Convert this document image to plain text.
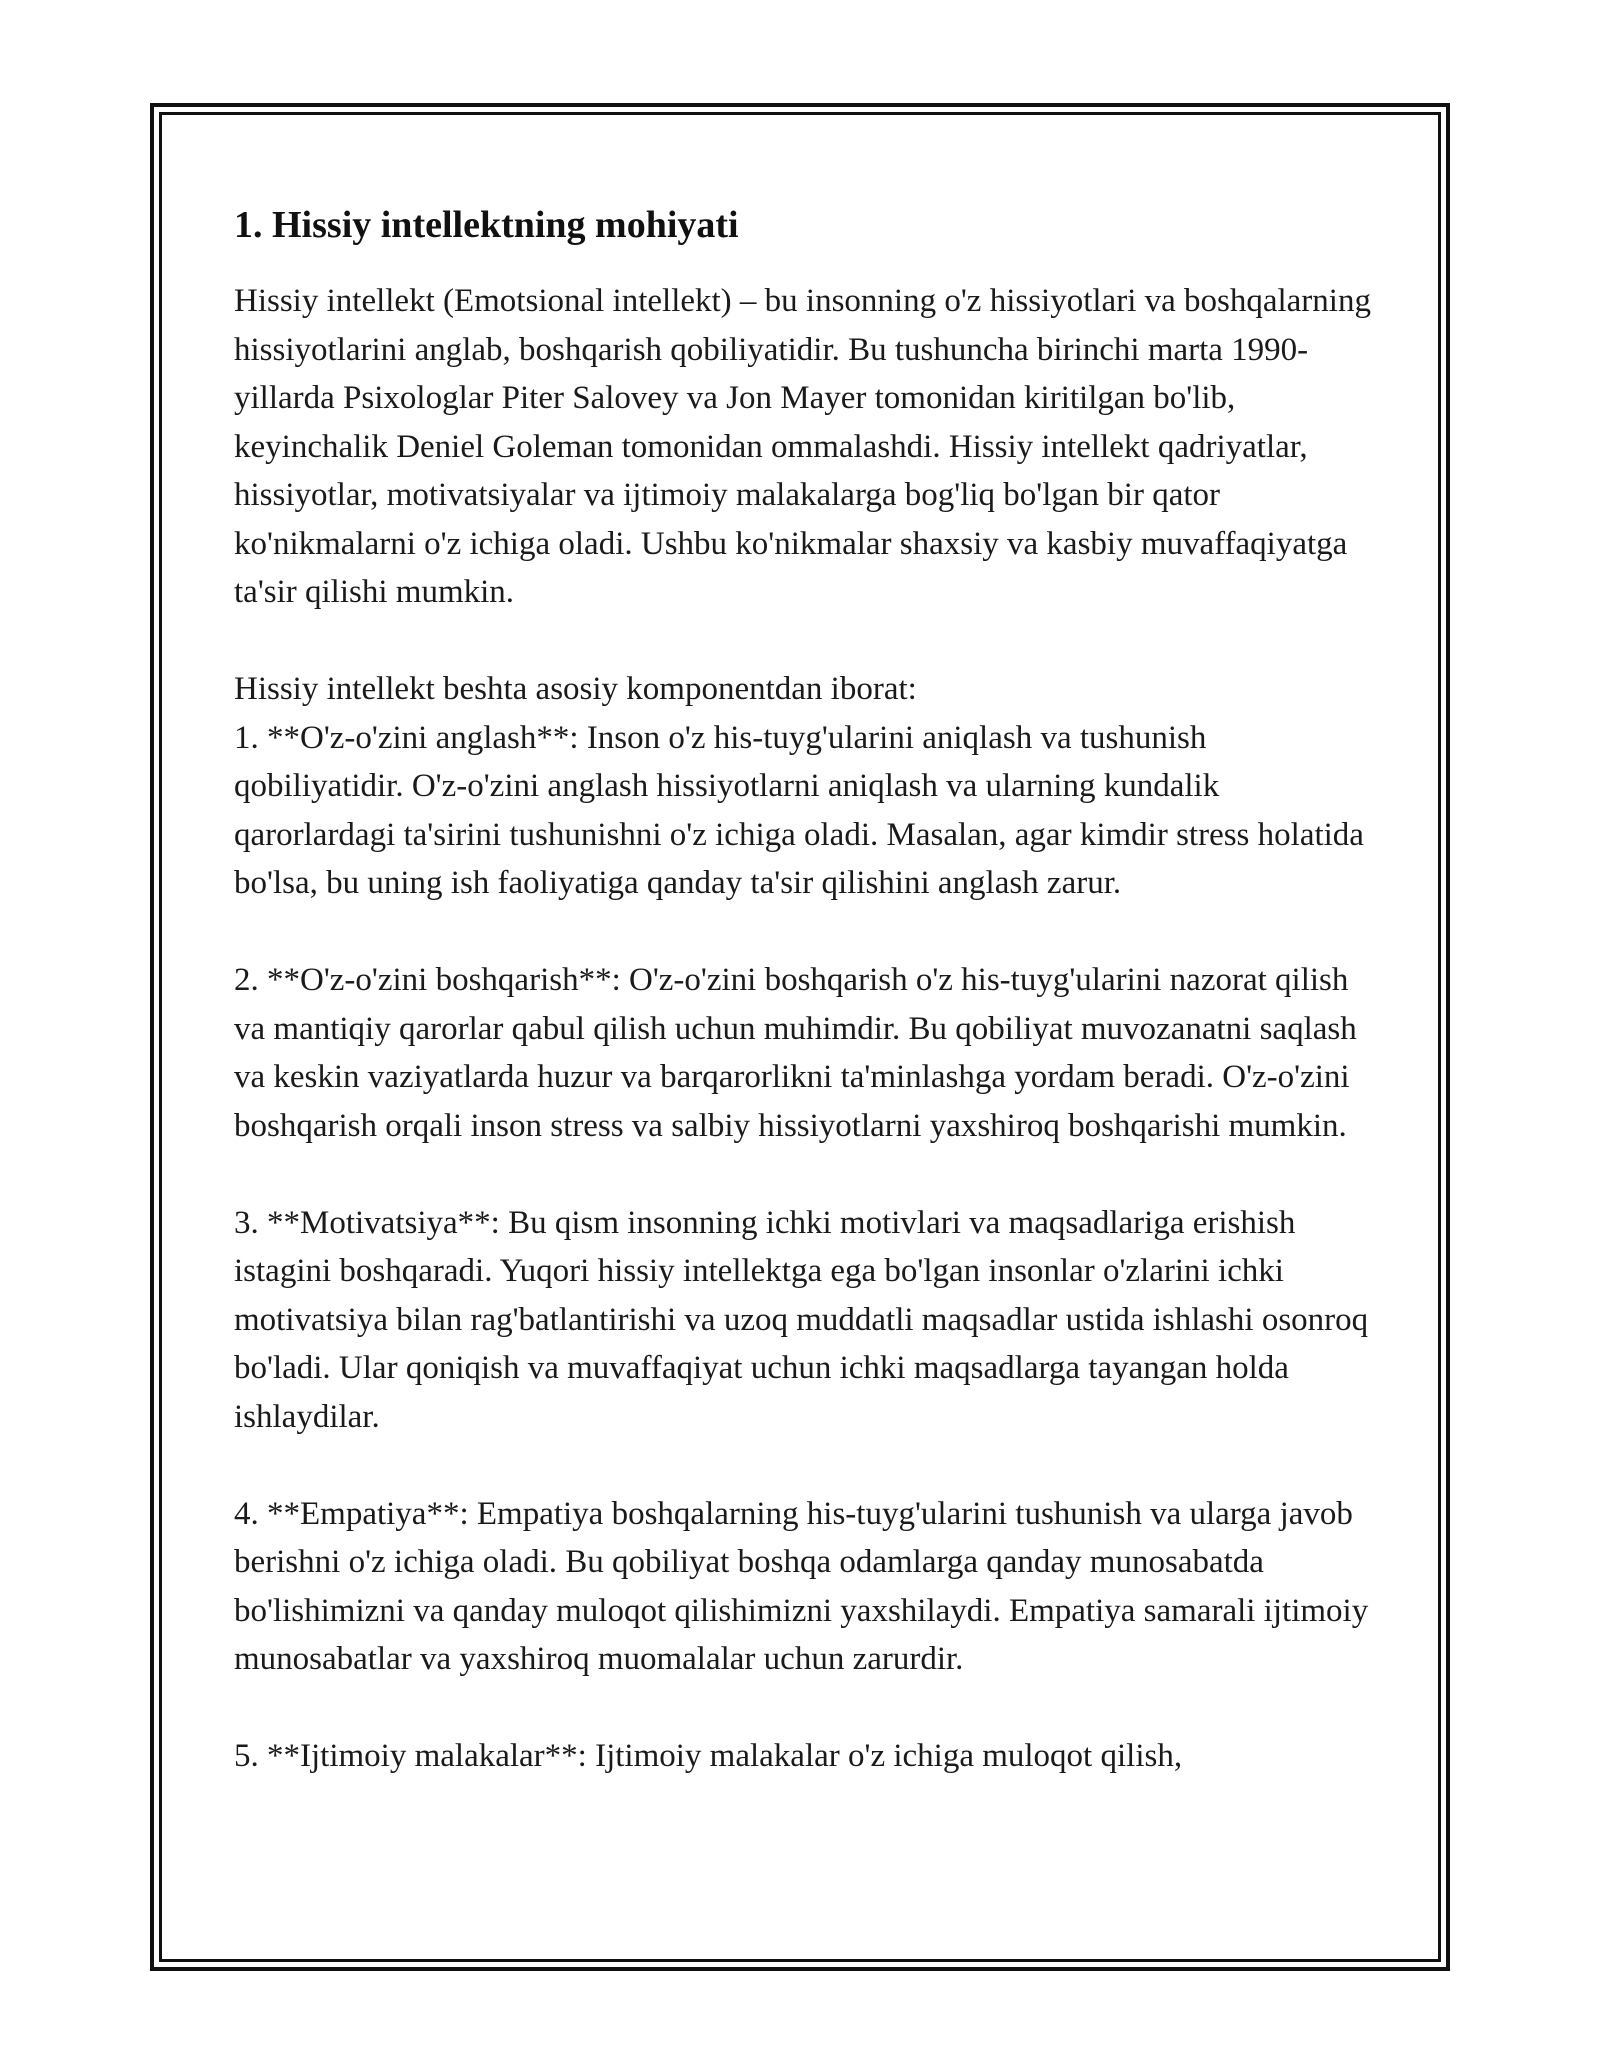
1. Hissiy intellektning mohiyati

Hissiy intellekt (Emotsional intellekt) – bu insonning o'z hissiyotlari va boshqalarning hissiyotlarini anglab, boshqarish qobiliyatidir. Bu tushuncha birinchi marta 1990-yillarda Psixologlar Piter Salovey va Jon Mayer tomonidan kiritilgan bo'lib, keyinchalik Deniel Goleman tomonidan ommalashdi. Hissiy intellekt qadriyatlar, hissiyotlar, motivatsiyalar va ijtimoiy malakalarga bog'liq bo'lgan bir qator ko'nikmalarni o'z ichiga oladi. Ushbu ko'nikmalar shaxsiy va kasbiy muvaffaqiyatga ta'sir qilishi mumkin.

Hissiy intellekt beshta asosiy komponentdan iborat:

1. **O'z-o'zini anglash**: Inson o'z his-tuyg'ularini aniqlash va tushunish qobiliyatidir. O'z-o'zini anglash hissiyotlarni aniqlash va ularning kundalik qarorlardagi ta'sirini tushunishni o'z ichiga oladi. Masalan, agar kimdir stress holatida bo'lsa, bu uning ish faoliyatiga qanday ta'sir qilishini anglash zarur.

2. **O'z-o'zini boshqarish**: O'z-o'zini boshqarish o'z his-tuyg'ularini nazorat qilish va mantiqiy qarorlar qabul qilish uchun muhimdir. Bu qobiliyat muvozanatni saqlash va keskin vaziyatlarda huzur va barqarorlikni ta'minlashga yordam beradi. O'z-o'zini boshqarish orqali inson stress va salbiy hissiyotlarni yaxshiroq boshqarishi mumkin.

3. **Motivatsiya**: Bu qism insonning ichki motivlari va maqsadlariga erishish istagini boshqaradi. Yuqori hissiy intellektga ega bo'lgan insonlar o'zlarini ichki motivatsiya bilan rag'batlantirishi va uzoq muddatli maqsadlar ustida ishlashi osonroq bo'ladi. Ular qoniqish va muvaffaqiyat uchun ichki maqsadlarga tayangan holda ishlaydilar.

4. **Empatiya**: Empatiya boshqalarning his-tuyg'ularini tushunish va ularga javob berishni o'z ichiga oladi. Bu qobiliyat boshqa odamlarga qanday munosabatda bo'lishimizni va qanday muloqot qilishimizni yaxshilaydi. Empatiya samarali ijtimoiy munosabatlar va yaxshiroq muomalalar uchun zarurdir.

5. **Ijtimoiy malakalar**: Ijtimoiy malakalar o'z ichiga muloqot qilish,
